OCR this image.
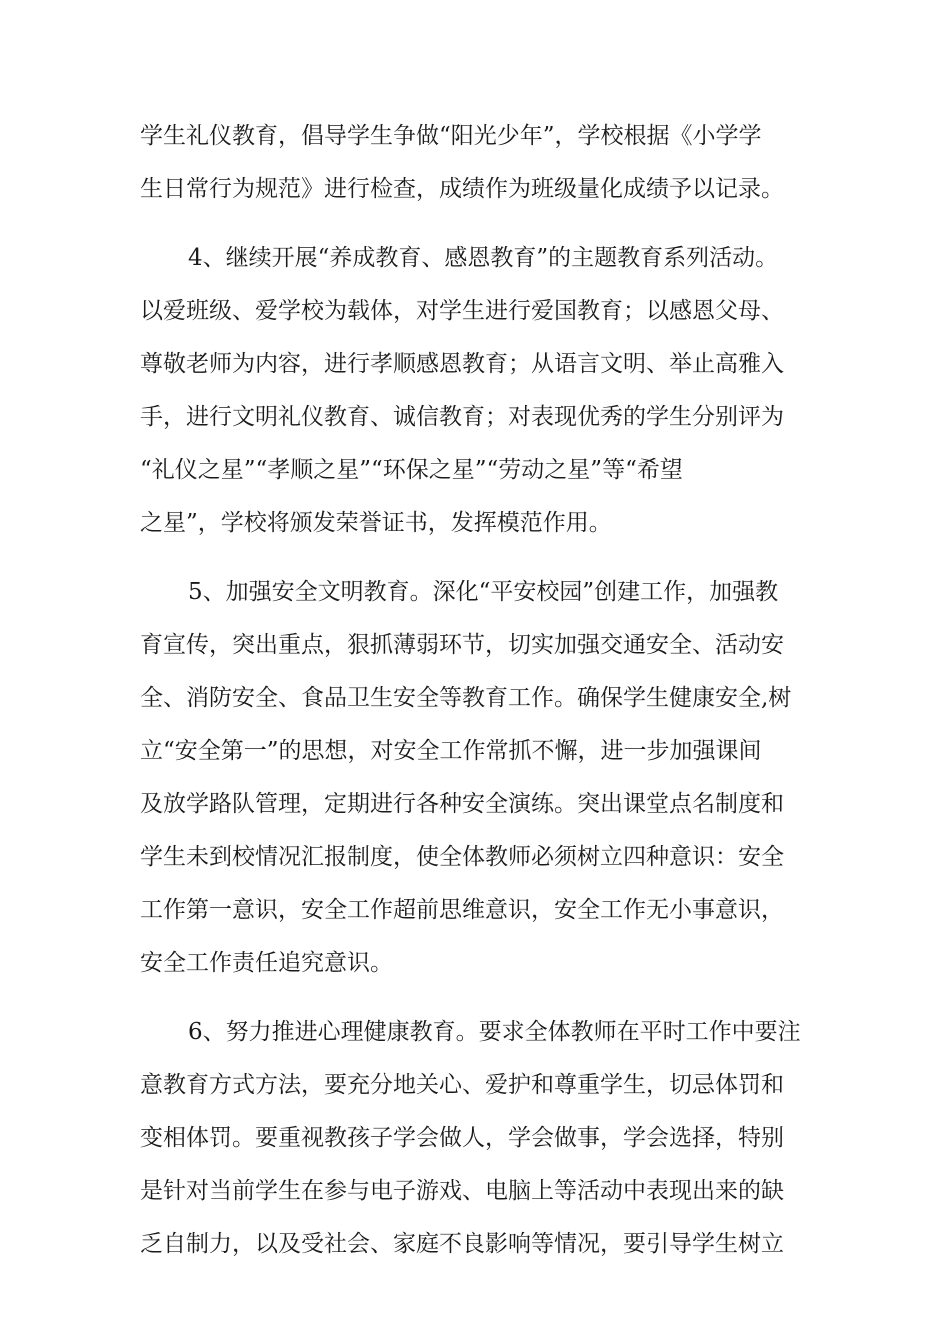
学生礼仪教育，倡导学生争做“阳光少年”，学校根据《小学学
生日常行为规范》进行检查，成绩作为班级量化成绩予以记录。
4、继续开展“养成教育、感恩教育”的主题教育系列活动。
以爱班级、爱学校为载体，对学生进行爱国教育；以感恩父母、
尊敬老师为内容，进行孝顺感恩教育；从语言文明、举止高雅入
手，进行文明礼仪教育、诚信教育；对表现优秀的学生分别评为
“礼仪之星”“孝顺之星”“环保之星”“劳动之星”等“希望
之星”，学校将颁发荣誉证书，发挥模范作用。
5、加强安全文明教育。深化“平安校园”创建工作，加强教
育宣传，突出重点，狠抓薄弱环节，切实加强交通安全、活动安
全、消防安全、食品卫生安全等教育工作。确保学生健康安全,树
立“安全第一”的思想，对安全工作常抓不懈，进一步加强课间
及放学路队管理，定期进行各种安全演练。突出课堂点名制度和
学生未到校情况汇报制度，使全体教师必须树立四种意识：安全
工作第一意识，安全工作超前思维意识，安全工作无小事意识，
安全工作责任追究意识。
6、努力推进心理健康教育。要求全体教师在平时工作中要注
意教育方式方法，要充分地关心、爱护和尊重学生，切忌体罚和
变相体罚。要重视教孩子学会做人，学会做事，学会选择，特别
是针对当前学生在参与电子游戏、电脑上等活动中表现出来的缺
乏自制力，以及受社会、家庭不良影响等情况，要引导学生树立
